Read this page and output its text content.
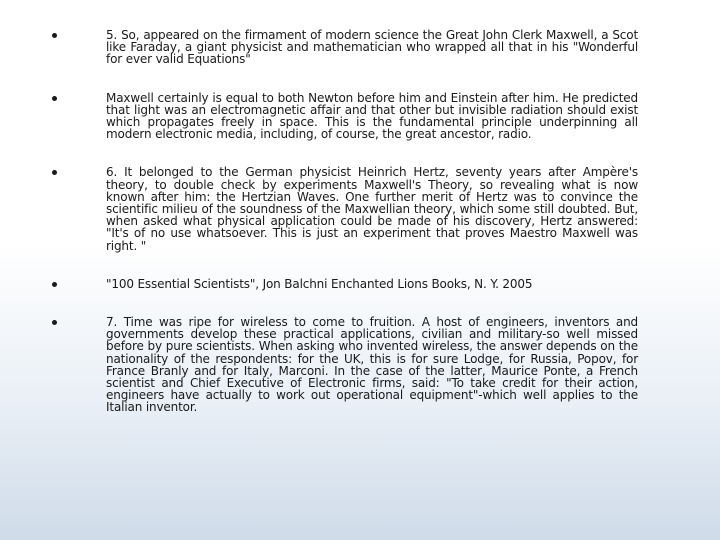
5. So, appeared on the firmament of modern science the Great John Clerk Maxwell, a Scot like Faraday, a giant physicist and mathematician who wrapped all that in his "Wonderful for ever valid Equations"
Maxwell certainly is equal to both Newton before him and Einstein after him. He predicted that light was an electromagnetic affair and that other but invisible radiation should exist which propagates freely in space. This is the fundamental principle underpinning all modern electronic media, including, of course, the great ancestor, radio.
6. It belonged to the German physicist Heinrich Hertz, seventy years after Ampère's theory, to double check by experiments Maxwell's Theory, so revealing what is now known after him: the Hertzian Waves. One further merit of Hertz was to convince the scientific milieu of the soundness of the Maxwellian theory, which some still doubted. But, when asked what physical application could be made of his discovery, Hertz answered: "It's of no use whatsoever. This is just an experiment that proves Maestro Maxwell was right. "
"100 Essential Scientists", Jon Balchni Enchanted Lions Books, N. Y. 2005
7. Time was ripe for wireless to come to fruition. A host of engineers, inventors and governments develop these practical applications, civilian and military-so well missed before by pure scientists. When asking who invented wireless, the answer depends on the nationality of the respondents: for the UK, this is for sure Lodge, for Russia, Popov, for France Branly and for Italy, Marconi. In the case of the latter, Maurice Ponte, a French scientist and Chief Executive of Electronic firms, said: "To take credit for their action, engineers have actually to work out operational equipment"-which well applies to the Italian inventor.
